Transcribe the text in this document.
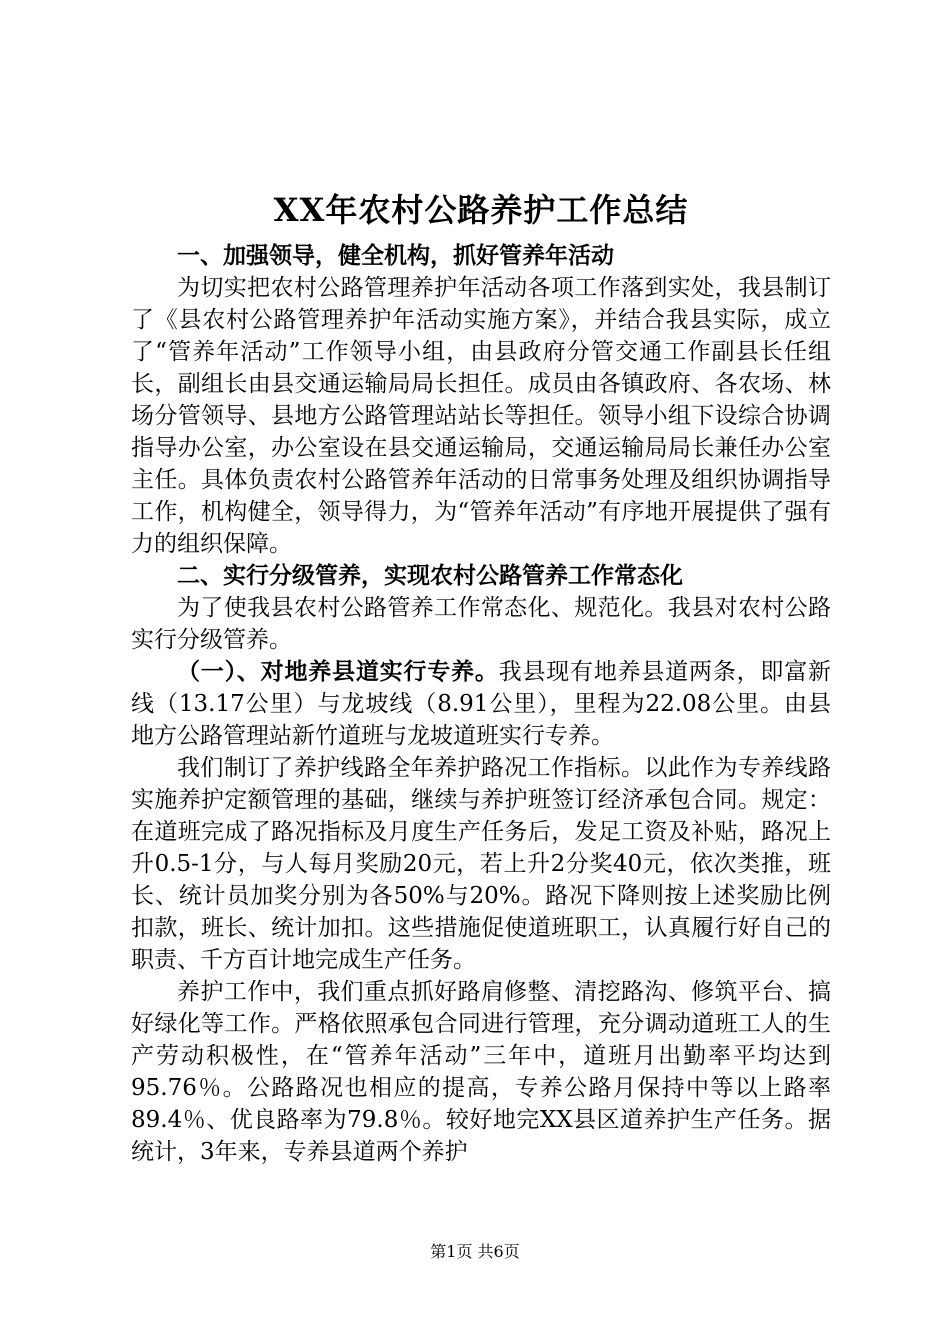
XX年农村公路养护工作总结

一、加强领导，健全机构，抓好管养年活动

为切实把农村公路管理养护年活动各项工作落到实处，我县制订了《县农村公路管理养护年活动实施方案》，并结合我县实际，成立了“管养年活动”工作领导小组，由县政府分管交通工作副县长任组长，副组长由县交通运输局局长担任。成员由各镇政府、各农场、林场分管领导、县地方公路管理站站长等担任。领导小组下设综合协调指导办公室，办公室设在县交通运输局，交通运输局局长兼任办公室主任。具体负责农村公路管养年活动的日常事务处理及组织协调指导工作，机构健全，领导得力，为“管养年活动”有序地开展提供了强有力的组织保障。

二、实行分级管养，实现农村公路管养工作常态化

为了使我县农村公路管养工作常态化、规范化。我县对农村公路实行分级管养。

（一）、对地养县道实行专养。我县现有地养县道两条，即富新线（13.17公里）与龙坡线（8.91公里），里程为22.08公里。由县地方公路管理站新竹道班与龙坡道班实行专养。

我们制订了养护线路全年养护路况工作指标。以此作为专养线路实施养护定额管理的基础，继续与养护班签订经济承包合同。规定：在道班完成了路况指标及月度生产任务后，发足工资及补贴，路况上升0.5-1分，与人每月奖励20元，若上升2分奖40元，依次类推，班长、统计员加奖分别为各50%与20%。路况下降则按上述奖励比例扣款，班长、统计加扣。这些措施促使道班职工，认真履行好自己的职责、千方百计地完成生产任务。

养护工作中，我们重点抓好路肩修整、清挖路沟、修筑平台、搞好绿化等工作。严格依照承包合同进行管理，充分调动道班工人的生产劳动积极性，在“管养年活动”三年中，道班月出勤率平均达到95.76％。公路路况也相应的提高，专养公路月保持中等以上路率89.4％、优良路率为79.8％。较好地完XX县区道养护生产任务。据统计，3年来，专养县道两个养护

第1页 共6页
